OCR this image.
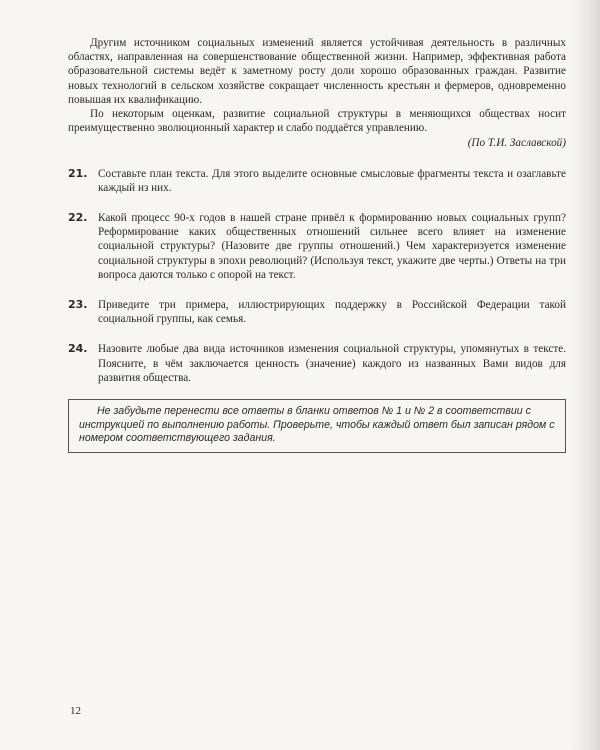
Другим источником социальных изменений является устойчивая деятельность в различных областях, направленная на совершенствование общественной жизни. Например, эффективная работа образовательной системы ведёт к заметному росту доли хорошо образованных граждан. Развитие новых технологий в сельском хозяйстве сокращает численность крестьян и фермеров, одновременно повышая их квалификацию.

По некоторым оценкам, развитие социальной структуры в меняющихся обществах носит преимущественно эволюционный характер и слабо поддаётся управлению.

(По Т.И. Заславской)

21. Составьте план текста. Для этого выделите основные смысловые фрагменты текста и озаглавьте каждый из них.
22. Какой процесс 90-х годов в нашей стране привёл к формированию новых социальных групп? Реформирование каких общественных отношений сильнее всего влияет на изменение социальной структуры? (Назовите две группы отношений.) Чем характеризуется изменение социальной структуры в эпохи революций? (Используя текст, укажите две черты.) Ответы на три вопроса даются только с опорой на текст.
23. Приведите три примера, иллюстрирующих поддержку в Российской Федерации такой социальной группы, как семья.
24. Назовите любые два вида источников изменения социальной структуры, упомянутых в тексте. Поясните, в чём заключается ценность (значение) каждого из названных Вами видов для развития общества.
Не забудьте перенести все ответы в бланки ответов № 1 и № 2 в соответствии с инструкцией по выполнению работы. Проверьте, чтобы каждый ответ был записан рядом с номером соответствующего задания.
12
